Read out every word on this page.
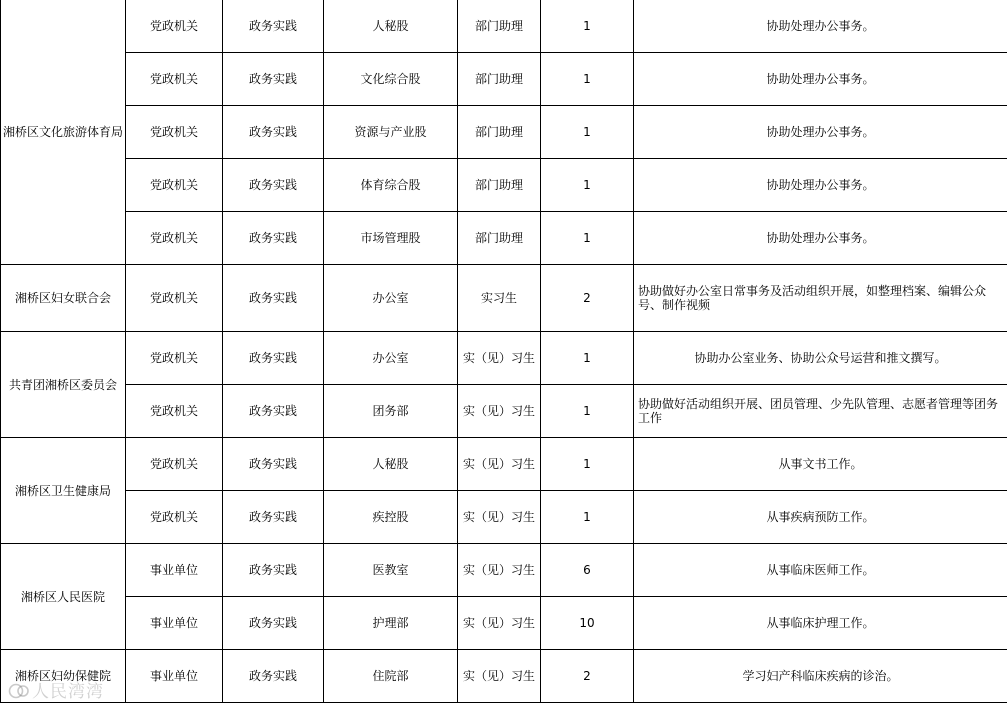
湘桥区文化旅游体育局	党政机关	政务实践	人秘股	部门助理	1	协助处理办公事务。
	党政机关	政务实践	文化综合股	部门助理	1	协助处理办公事务。
	党政机关	政务实践	资源与产业股	部门助理	1	协助处理办公事务。
	党政机关	政务实践	体育综合股	部门助理	1	协助处理办公事务。
	党政机关	政务实践	市场管理股	部门助理	1	协助处理办公事务。
湘桥区妇女联合会	党政机关	政务实践	办公室	实习生	2	协助做好办公室日常事务及活动组织开展，如整理档案、编辑公众号、制作视频
共青团湘桥区委员会	党政机关	政务实践	办公室	实（见）习生	1	协助办公室业务、协助公众号运营和推文撰写。
	党政机关	政务实践	团务部	实（见）习生	1	协助做好活动组织开展、团员管理、少先队管理、志愿者管理等团务工作
湘桥区卫生健康局	党政机关	政务实践	人秘股	实（见）习生	1	从事文书工作。
	党政机关	政务实践	疾控股	实（见）习生	1	从事疾病预防工作。
湘桥区人民医院	事业单位	政务实践	医教室	实（见）习生	6	从事临床医师工作。
	事业单位	政务实践	护理部	实（见）习生	10	从事临床护理工作。
湘桥区妇幼保健院	事业单位	政务实践	住院部	实（见）习生	2	学习妇产科临床疾病的诊治。
人民湾湾
